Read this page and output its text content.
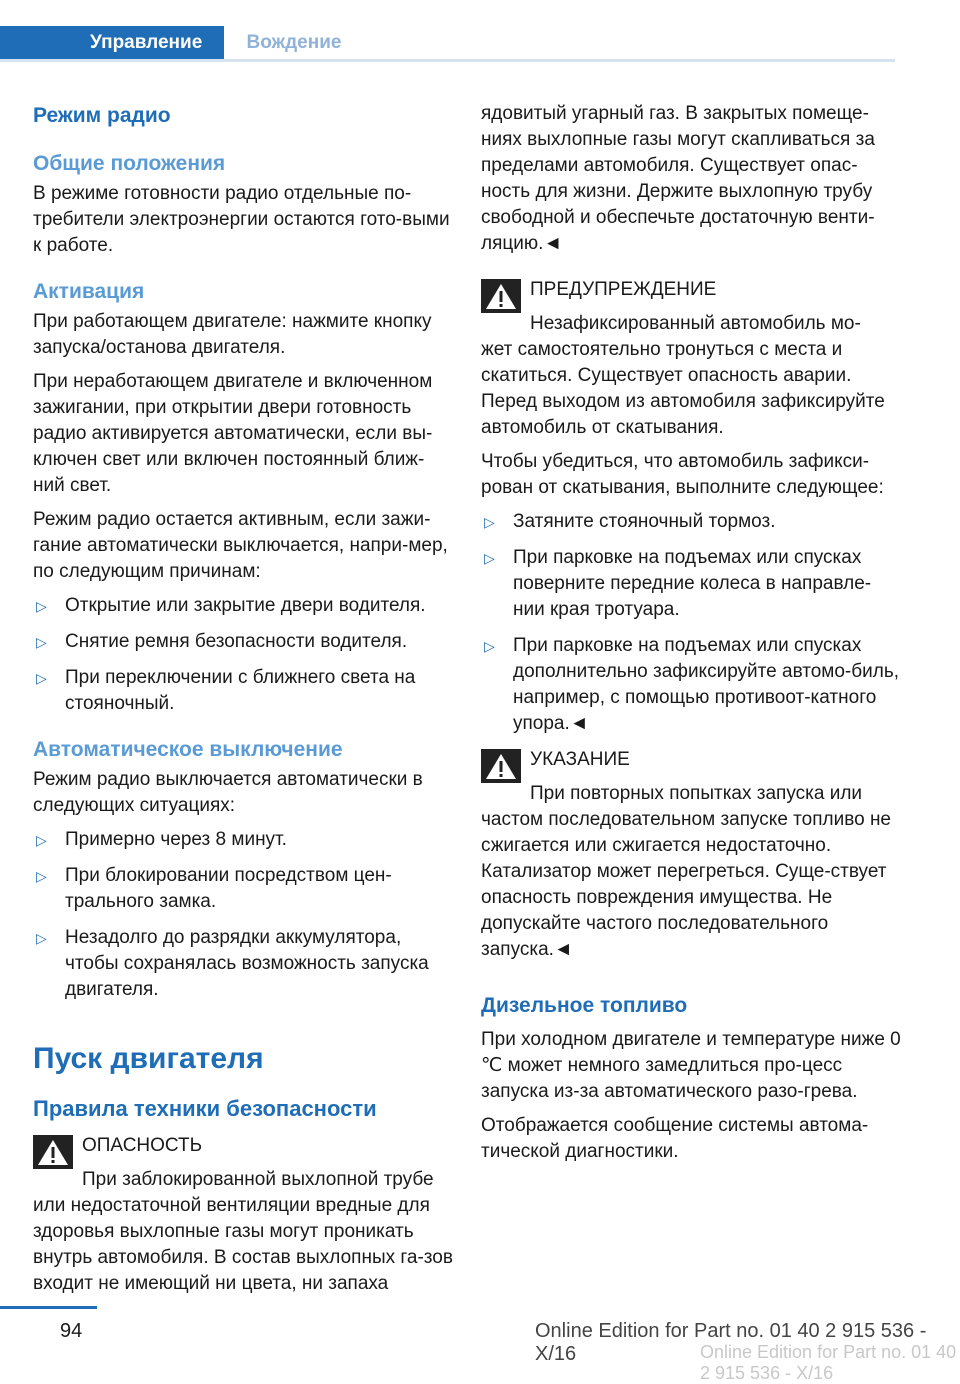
Управление	Вождение
Режим радио
Общие положения

В режиме готовности радио отдельные по-требители электроэнергии остаются гото-выми к работе.

Активация

При работающем двигателе: нажмите кнопку запуска/останова двигателя.

При неработающем двигателе и включенном зажигании, при открытии двери готовность радио активируется автоматически, если вы-ключен свет или включен постоянный ближ-ний свет.

Режим радио остается активным, если зажи-гание автоматически выключается, напри-мер, по следующим причинам:

▷ Открытие или закрытие двери водителя.
▷ Снятие ремня безопасности водителя.
▷ При переключении с ближнего света на стояночный.
Автоматическое выключение

Режим радио выключается автоматически в следующих ситуациях:

▷ Примерно через 8 минут.
▷ При блокировании посредством цен-трального замка.
▷ Незадолго до разрядки аккумулятора, чтобы сохранялась возможность запуска двигателя.
Пуск двигателя
Правила техники безопасности
ОПАСНОСТЬ
При заблокированной выхлопной трубе

или недостаточной вентиляции вредные для здоровья выхлопные газы могут проникать внутрь автомобиля. В состав выхлопных га-зов входит не имеющий ни цвета, ни запаха

ядовитый угарный газ. В закрытых помеще-ниях выхлопные газы могут скапливаться за пределами автомобиля. Существует опас-ность для жизни. Держите выхлопную трубу свободной и обеспечьте достаточную венти-ляцию.◄

ПРЕДУПРЕЖДЕНИЕ
Незафиксированный автомобиль мо-

жет самостоятельно тронуться с места и скатиться. Существует опасность аварии. Перед выходом из автомобиля зафиксируйте автомобиль от скатывания.

Чтобы убедиться, что автомобиль зафикси-рован от скатывания, выполните следующее:

▷ Затяните стояночный тормоз.
▷ При парковке на подъемах или спусках поверните передние колеса в направле-нии края тротуара.
▷ При парковке на подъемах или спусках дополнительно зафиксируйте автомо-биль, например, с помощью противоот-катного упора.◄
УКАЗАНИЕ
При повторных попытках запуска или

частом последовательном запуске топливо не сжигается или сжигается недостаточно. Катализатор может перегреться. Суще-ствует опасность повреждения имущества. Не допускайте частого последовательного запуска.◄

Дизельное топливо

При холодном двигателе и температуре ниже 0 ℃ может немного замедлиться про-цесс запуска из-за автоматического разо-грева.

Отображается сообщение системы автома-тической диагностики.

94	Online Edition for Part no. 01 40 2 915 536 - X/16	Online Edition for Part no. 01 40 2 915 536 - X/16
